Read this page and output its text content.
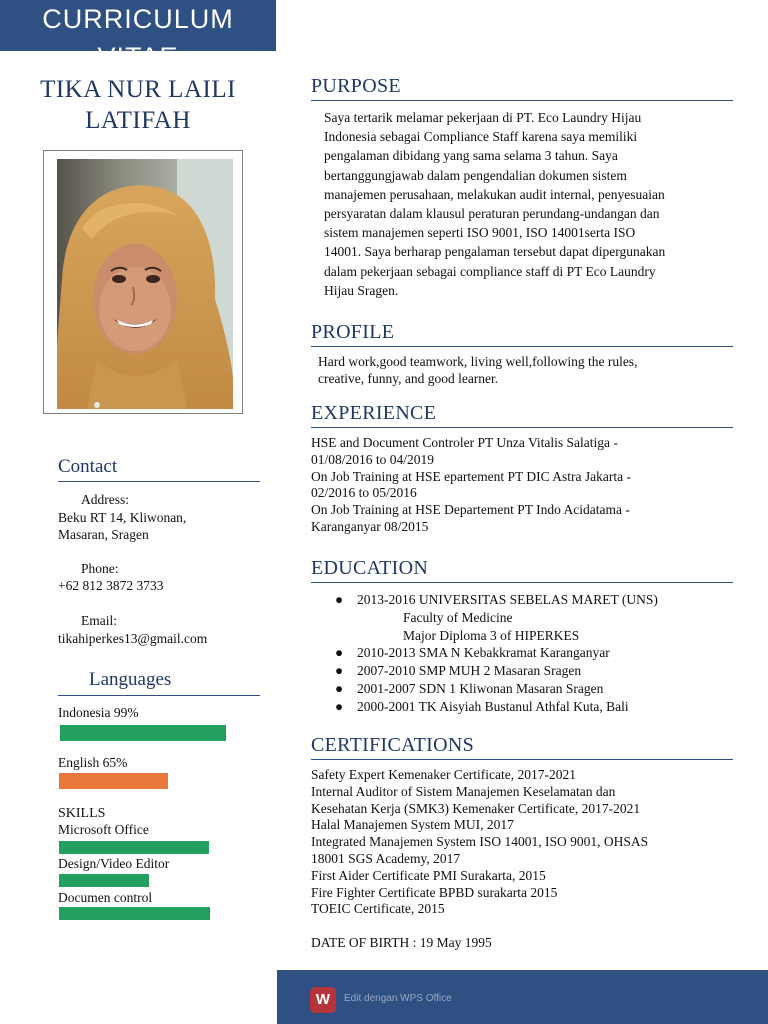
CURRICULUM VITAE
TIKA NUR LAILI
LATIFAH
Contact
Address:
Beku RT 14, Kliwonan,
Masaran, Sragen
Phone:
+62 812 3872 3733
Email:
tikahiperkes13@gmail.com
Languages
Indonesia 99%
English 65%
SKILLS
Microsoft Office
Design/Video Editor
Documen control
PURPOSE
Saya tertarik melamar pekerjaan di PT. Eco Laundry Hijau
Indonesia sebagai Compliance Staff karena saya memiliki
pengalaman dibidang yang sama selama 3 tahun. Saya
bertanggungjawab dalam pengendalian dokumen sistem
manajemen perusahaan, melakukan audit internal, penyesuaian
persyaratan dalam klausul peraturan perundang-undangan dan
sistem manajemen seperti ISO 9001, ISO 14001serta ISO
14001. Saya berharap pengalaman tersebut dapat dipergunakan
dalam pekerjaan sebagai compliance staff di PT Eco Laundry
Hijau Sragen.
PROFILE
Hard work,good teamwork, living well,following the rules,
creative, funny, and good learner.
EXPERIENCE
HSE and Document Controler PT Unza Vitalis Salatiga -
01/08/2016 to 04/2019
On Job Training at HSE epartement PT DIC Astra Jakarta -
02/2016 to 05/2016
On Job Training at HSE Departement PT Indo Acidatama -
Karanganyar 08/2015
EDUCATION
● 2013-2016 UNIVERSITAS SEBELAS MARET (UNS)
Faculty of Medicine
Major Diploma 3 of HIPERKES
● 2010-2013 SMA N Kebakkramat Karanganyar
● 2007-2010 SMP MUH 2 Masaran Sragen
● 2001-2007 SDN 1 Kliwonan Masaran Sragen
● 2000-2001 TK Aisyiah Bustanul Athfal Kuta, Bali
CERTIFICATIONS
Safety Expert Kemenaker Certificate, 2017-2021
Internal Auditor of Sistem Manajemen Keselamatan dan
Kesehatan Kerja (SMK3) Kemenaker Certificate, 2017-2021
Halal Manajemen System MUI, 2017
Integrated Manajemen System ISO 14001, ISO 9001, OHSAS
18001 SGS Academy, 2017
First Aider Certificate PMI Surakarta, 2015
Fire Fighter Certificate BPBD surakarta 2015
TOEIC Certificate, 2015
DATE OF BIRTH : 19 May 1995
W	Edit dengan WPS Office
